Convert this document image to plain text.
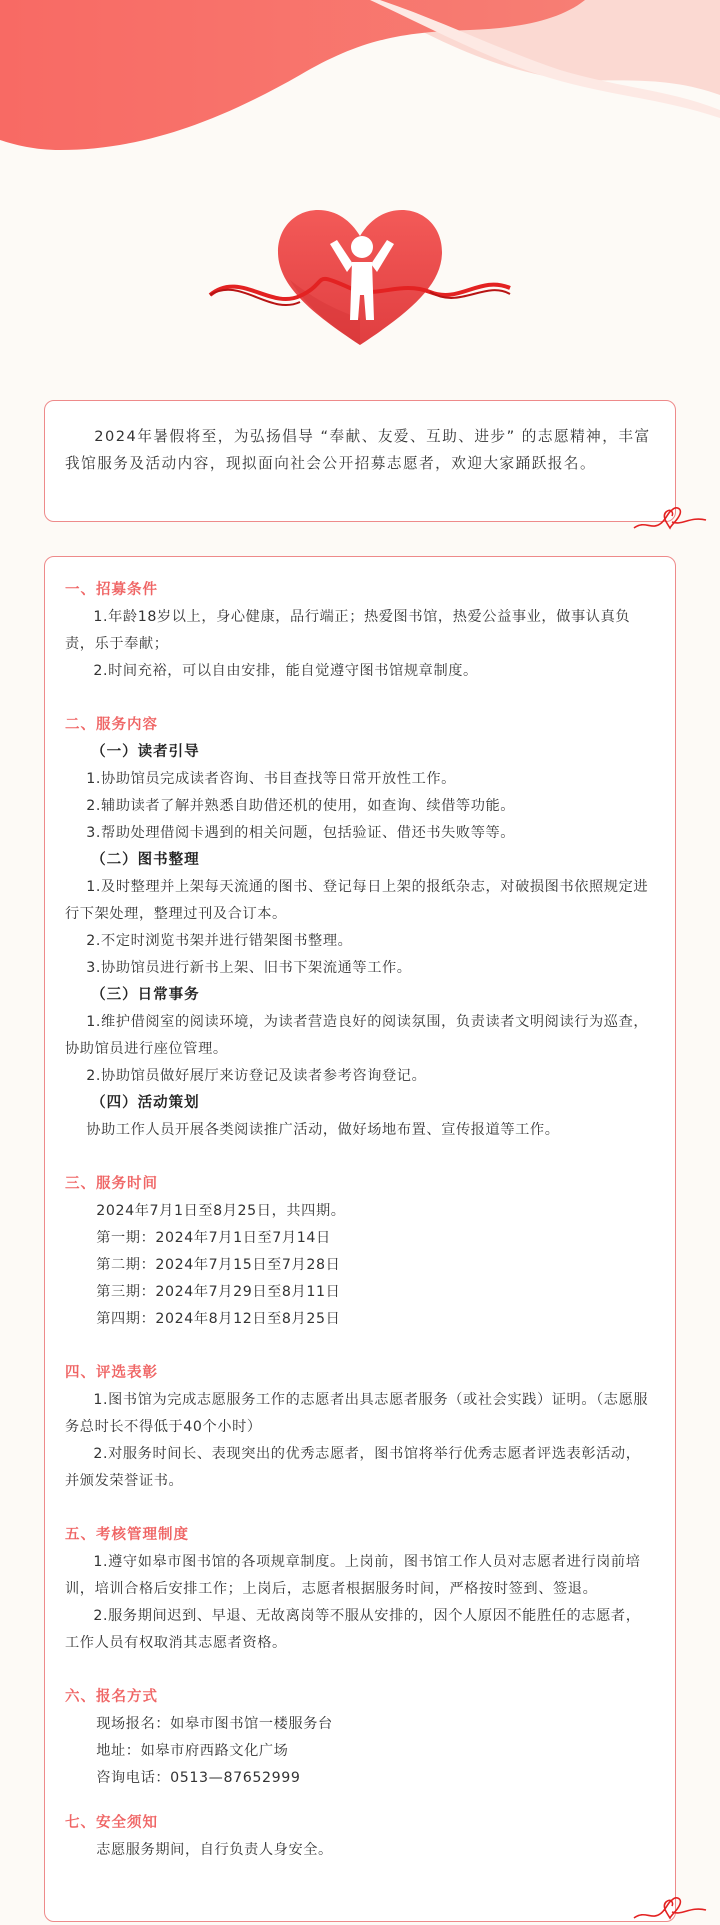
2024年暑假将至，为弘扬倡导 “奉献、友爱、互助、进步” 的志愿精神，丰富我馆服务及活动内容，现拟面向社会公开招募志愿者，欢迎大家踊跃报名。

一、招募条件

1.年龄18岁以上，身心健康，品行端正；热爱图书馆，热爱公益事业，做事认真负责，乐于奉献；

2.时间充裕，可以自由安排，能自觉遵守图书馆规章制度。

二、服务内容

（一）读者引导

1.协助馆员完成读者咨询、书目查找等日常开放性工作。

2.辅助读者了解并熟悉自助借还机的使用，如查询、续借等功能。

3.帮助处理借阅卡遇到的相关问题，包括验证、借还书失败等等。

（二）图书整理

1.及时整理并上架每天流通的图书、登记每日上架的报纸杂志，对破损图书依照规定进行下架处理，整理过刊及合订本。

2.不定时浏览书架并进行错架图书整理。

3.协助馆员进行新书上架、旧书下架流通等工作。

（三）日常事务

1.维护借阅室的阅读环境，为读者营造良好的阅读氛围，负责读者文明阅读行为巡查，协助馆员进行座位管理。

2.协助馆员做好展厅来访登记及读者参考咨询登记。

（四）活动策划

协助工作人员开展各类阅读推广活动，做好场地布置、宣传报道等工作。

三、服务时间

2024年7月1日至8月25日，共四期。

第一期：2024年7月1日至7月14日

第二期：2024年7月15日至7月28日

第三期：2024年7月29日至8月11日

第四期：2024年8月12日至8月25日

四、评选表彰

1.图书馆为完成志愿服务工作的志愿者出具志愿者服务（或社会实践）证明。（志愿服务总时长不得低于40个小时）

2.对服务时间长、表现突出的优秀志愿者，图书馆将举行优秀志愿者评选表彰活动，并颁发荣誉证书。

五、考核管理制度

1.遵守如皋市图书馆的各项规章制度。上岗前，图书馆工作人员对志愿者进行岗前培训，培训合格后安排工作；上岗后，志愿者根据服务时间，严格按时签到、签退。

2.服务期间迟到、早退、无故离岗等不服从安排的，因个人原因不能胜任的志愿者，工作人员有权取消其志愿者资格。

六、报名方式

现场报名：如皋市图书馆一楼服务台

地址：如皋市府西路文化广场

咨询电话：0513—87652999

七、安全须知

志愿服务期间，自行负责人身安全。
